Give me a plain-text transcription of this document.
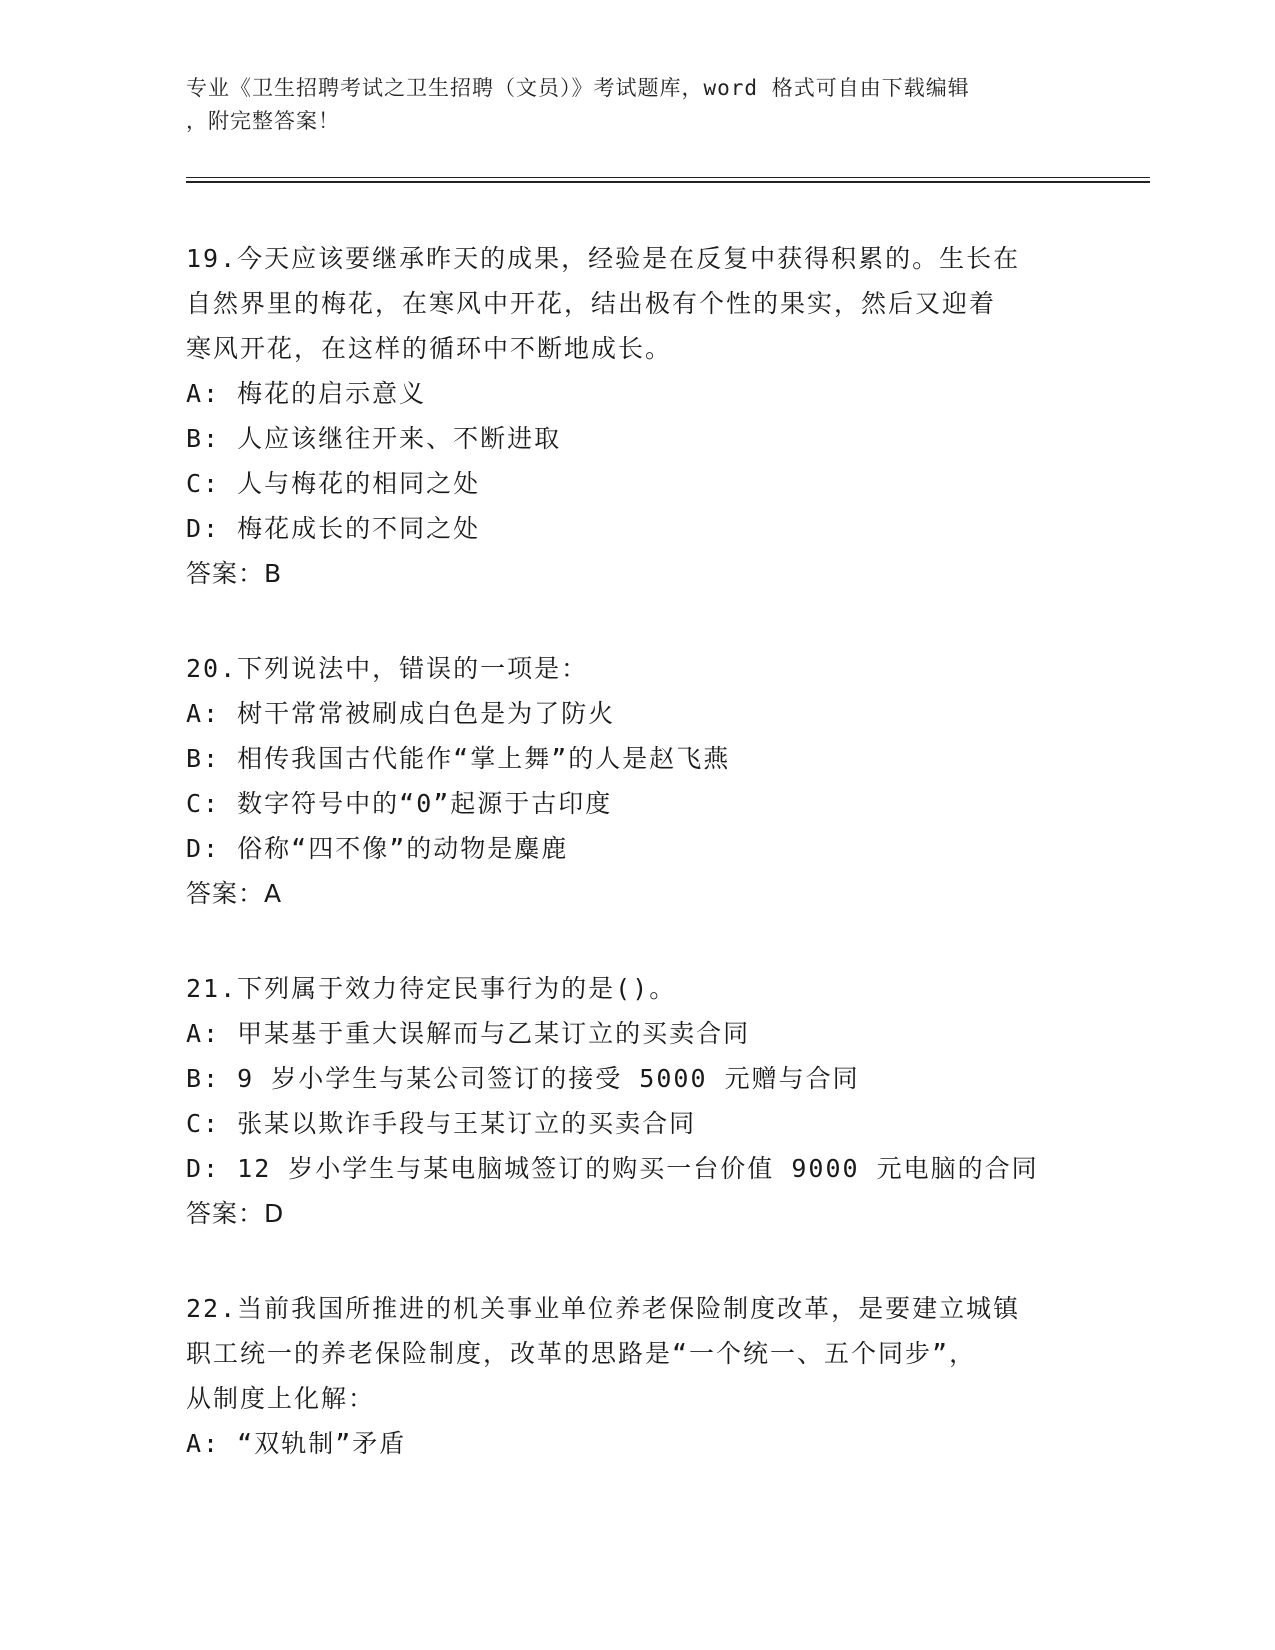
专业《卫生招聘考试之卫生招聘（文员）》考试题库，word 格式可自由下载编辑
，附完整答案！
19.今天应该要继承昨天的成果，经验是在反复中获得积累的。生长在
自然界里的梅花，在寒风中开花，结出极有个性的果实，然后又迎着
寒风开花，在这样的循环中不断地成长。
A: 梅花的启示意义
B: 人应该继往开来、不断进取
C: 人与梅花的相同之处
D: 梅花成长的不同之处
答案：B
20.下列说法中，错误的一项是：
A: 树干常常被刷成白色是为了防火
B: 相传我国古代能作“掌上舞”的人是赵飞燕
C: 数字符号中的“0”起源于古印度
D: 俗称“四不像”的动物是麋鹿
答案：A
21.下列属于效力待定民事行为的是()。
A: 甲某基于重大误解而与乙某订立的买卖合同
B: 9 岁小学生与某公司签订的接受 5000 元赠与合同
C: 张某以欺诈手段与王某订立的买卖合同
D: 12 岁小学生与某电脑城签订的购买一台价值 9000 元电脑的合同
答案：D
22.当前我国所推进的机关事业单位养老保险制度改革，是要建立城镇
职工统一的养老保险制度，改革的思路是“一个统一、五个同步”，
从制度上化解：
A: “双轨制”矛盾
